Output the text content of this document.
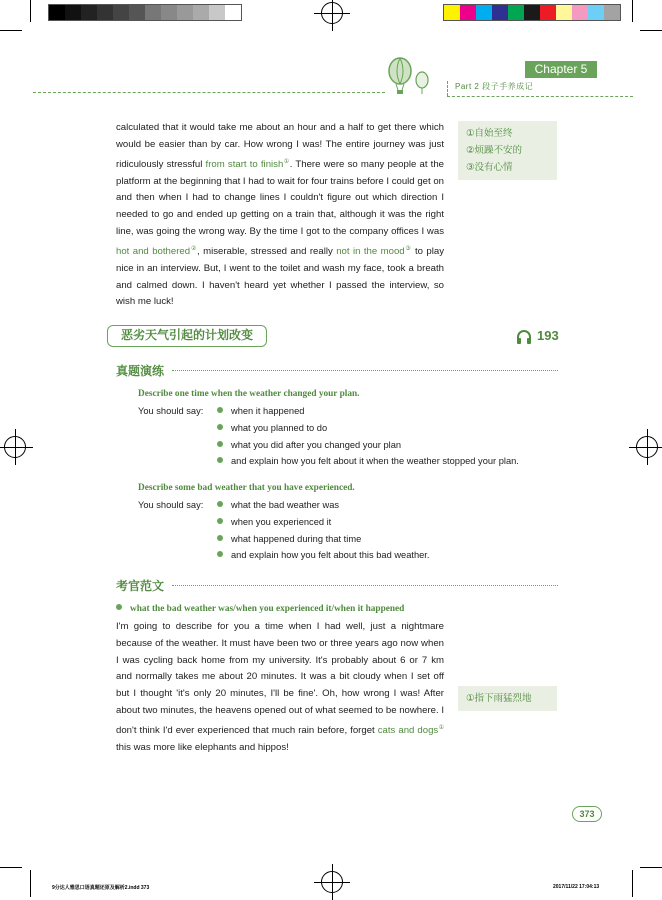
Chapter 5
Part 2 段子手养成记

calculated that it would take me about an hour and a half to get there which would be easier than by car. How wrong I was! The entire journey was just ridiculously stressful from start to finish①. There were so many people at the platform at the beginning that I had to wait for four trains before I could get on and then when I had to change lines I couldn't figure out which direction I needed to go and ended up getting on a train that, although it was the right line, was going the wrong way. By the time I got to the company offices I was hot and bothered②, miserable, stressed and really not in the mood③ to play nice in an interview. But, I went to the toilet and wash my face, took a breath and calmed down. I haven't heard yet whether I passed the interview, so wish me luck!

①自始至终
②烦躁不安的
③没有心情
恶劣天气引起的计划改变	193
真题演练
Describe one time when the weather changed your plan.
You should say:	when it happened
what you planned to do
what you did after you changed your plan
and explain how you felt about it when the weather stopped your plan.
Describe some bad weather that you have experienced.
You should say:	what the bad weather was
when you experienced it
what happened during that time
and explain how you felt about this bad weather.
考官范文
what the bad weather was/when you experienced it/when it happened

I'm going to describe for you a time when I had well, just a nightmare because of the weather. It must have been two or three years ago now when I was cycling back home from my university. It's probably about 6 or 7 km and normally takes me about 20 minutes. It was a bit cloudy when I set off but I thought 'it's only 20 minutes, I'll be fine'. Oh, how wrong I was! After about two minutes, the heavens opened out of what seemed to be nowhere. I don't think I'd ever experienced that much rain before, forget cats and dogs① this was more like elephants and hippos!

①指下雨猛烈地
373
9分达人雅思口语真题还原及解析2.indd 373	2017/11/22 17:04:13
